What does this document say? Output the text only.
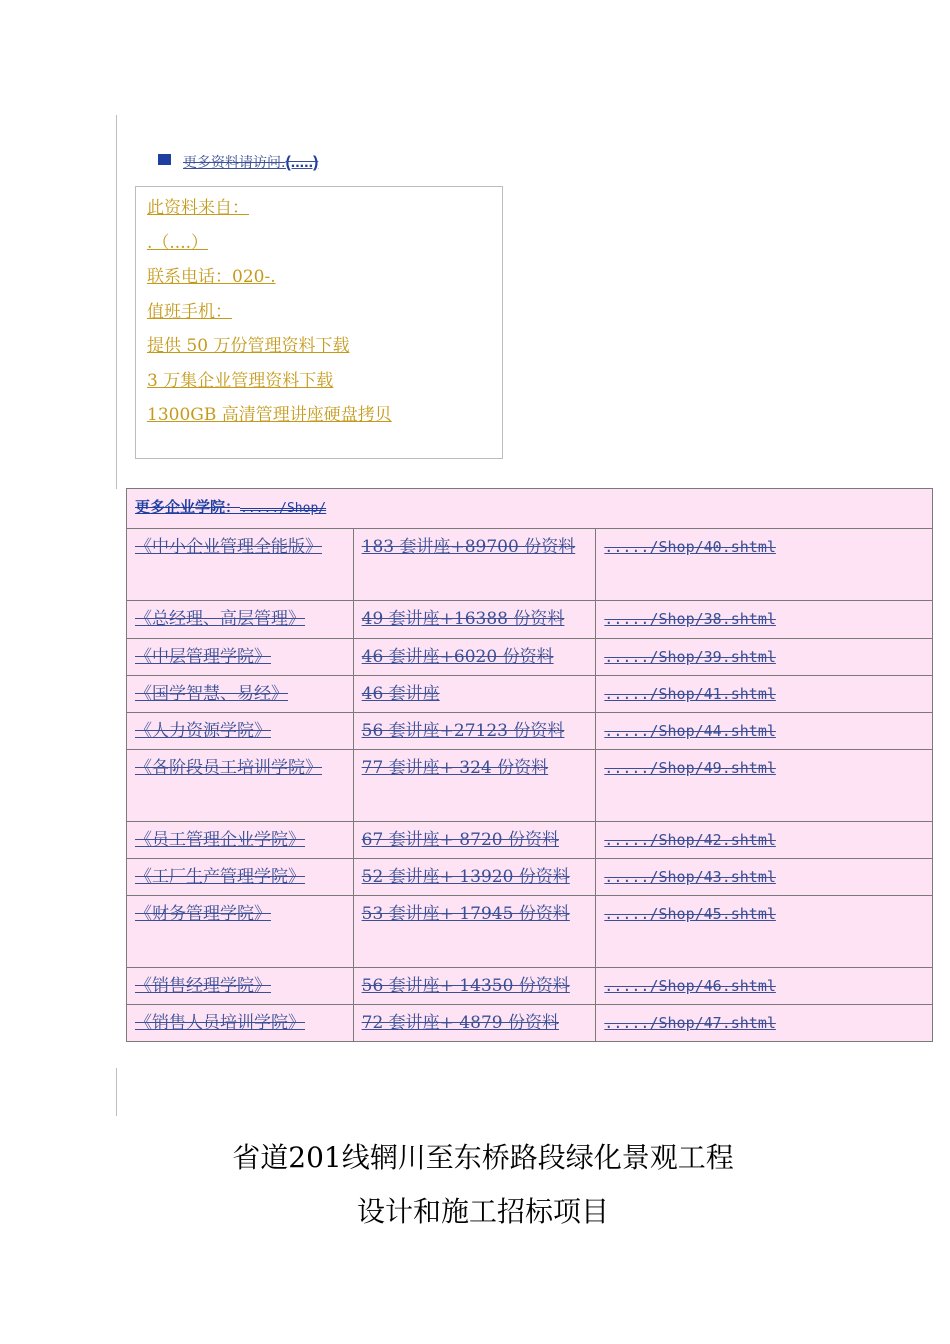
更多资料请访问.(.....)
此资料来自：
.（....）
联系电话：020-.
值班手机：
提供 50 万份管理资料下载
3 万集企业管理资料下载
1300GB 高清管理讲座硬盘拷贝
更多企业学院：...../Shop/		
《中小企业管理全能版》	183 套讲座+89700 份资料	...../Shop/40.shtml
《总经理、高层管理》	49 套讲座+16388 份资料	...../Shop/38.shtml
《中层管理学院》	46 套讲座+6020 份资料	...../Shop/39.shtml
《国学智慧、易经》	46 套讲座	...../Shop/41.shtml
《人力资源学院》	56 套讲座+27123 份资料	...../Shop/44.shtml
《各阶段员工培训学院》	77 套讲座+ 324 份资料	...../Shop/49.shtml
《员工管理企业学院》	67 套讲座+ 8720 份资料	...../Shop/42.shtml
《工厂生产管理学院》	52 套讲座+ 13920 份资料	...../Shop/43.shtml
《财务管理学院》	53 套讲座+ 17945 份资料	...../Shop/45.shtml
《销售经理学院》	56 套讲座+ 14350 份资料	...../Shop/46.shtml
《销售人员培训学院》	72 套讲座+ 4879 份资料	...../Shop/47.shtml
省道201线辋川至东桥路段绿化景观工程
设计和施工招标项目
